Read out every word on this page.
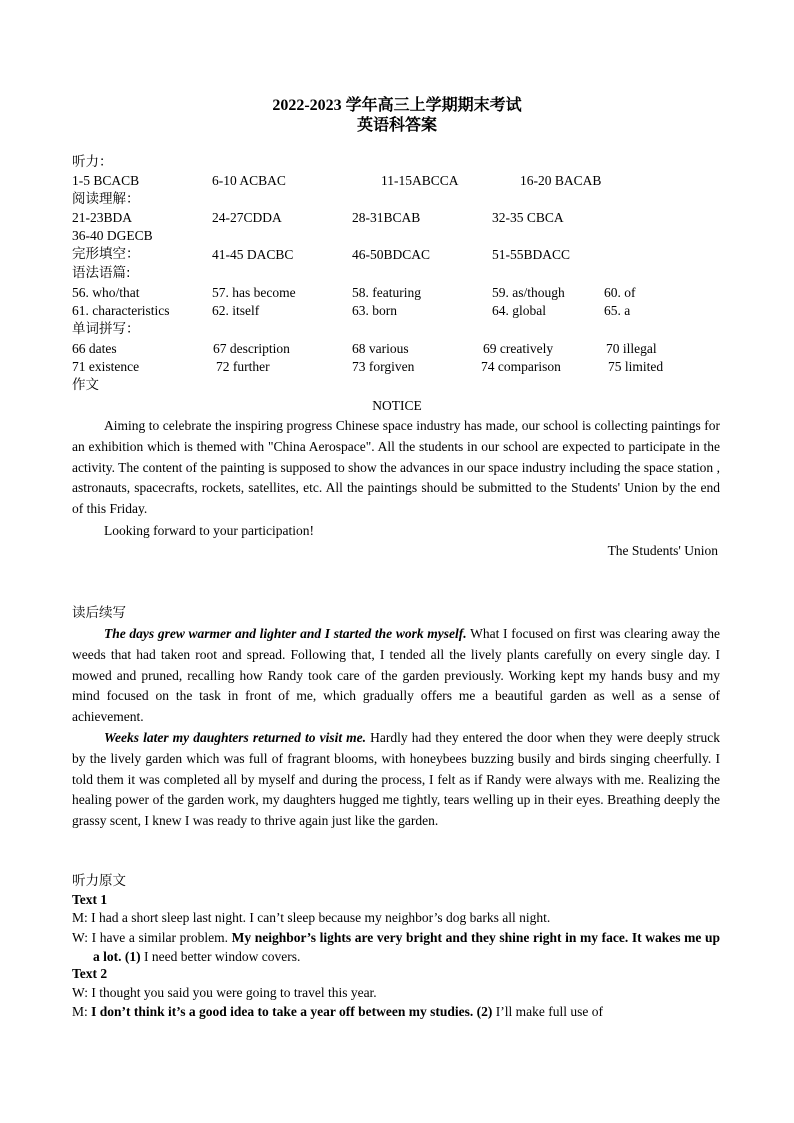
2022-2023 学年高三上学期期末考试
英语科答案
听力：
1-5 BCACB	6-10 ACBAC	11-15ABCCA	16-20 BACAB
阅读理解：
21-23BDA	24-27CDDA	28-31BCAB	32-35 CBCA
36-40 DGECB
完形填空：	41-45 DACBC	46-50BDCAC	51-55BDACC
语法语篇:
56. who/that	57. has become	58. featuring	59. as/though	60. of
61. characteristics	62. itself	63. born	64. global	65. a
单词拼写：
66 dates	67 description	68 various	69 creatively	70 illegal
71 existence	72 further	73 forgiven	74 comparison	75 limited
作文
NOTICE
Aiming to celebrate the inspiring progress Chinese space industry has made, our school is collecting paintings for an exhibition which is themed with "China Aerospace". All the students in our school are expected to participate in the activity. The content of the painting is supposed to show the advances in our space industry including the space station , astronauts, spacecrafts, rockets, satellites, etc. All the paintings should be submitted to the Students' Union by the end of this Friday.
Looking forward to your participation!
The Students' Union
读后续写
The days grew warmer and lighter and I started the work myself. What I focused on first was clearing away the weeds that had taken root and spread. Following that, I tended all the lively plants carefully on every single day. I mowed and pruned, recalling how Randy took care of the garden previously. Working kept my hands busy and my mind focused on the task in front of me, which gradually offers me a beautiful garden as well as a sense of achievement.
Weeks later my daughters returned to visit me. Hardly had they entered the door when they were deeply struck by the lively garden which was full of fragrant blooms, with honeybees buzzing busily and birds singing cheerfully. I told them it was completed all by myself and during the process, I felt as if Randy were always with me. Realizing the healing power of the garden work, my daughters hugged me tightly, tears welling up in their eyes. Breathing deeply the grassy scent, I knew I was ready to thrive again just like the garden.
听力原文
Text 1
M: I had a short sleep last night. I can’t sleep because my neighbor’s dog barks all night.
W: I have a similar problem. My neighbor’s lights are very bright and they shine right in my face. It wakes me up a lot. (1) I need better window covers.
Text 2
W: I thought you said you were going to travel this year.
M: I don’t think it’s a good idea to take a year off between my studies. (2) I’ll make full use of
